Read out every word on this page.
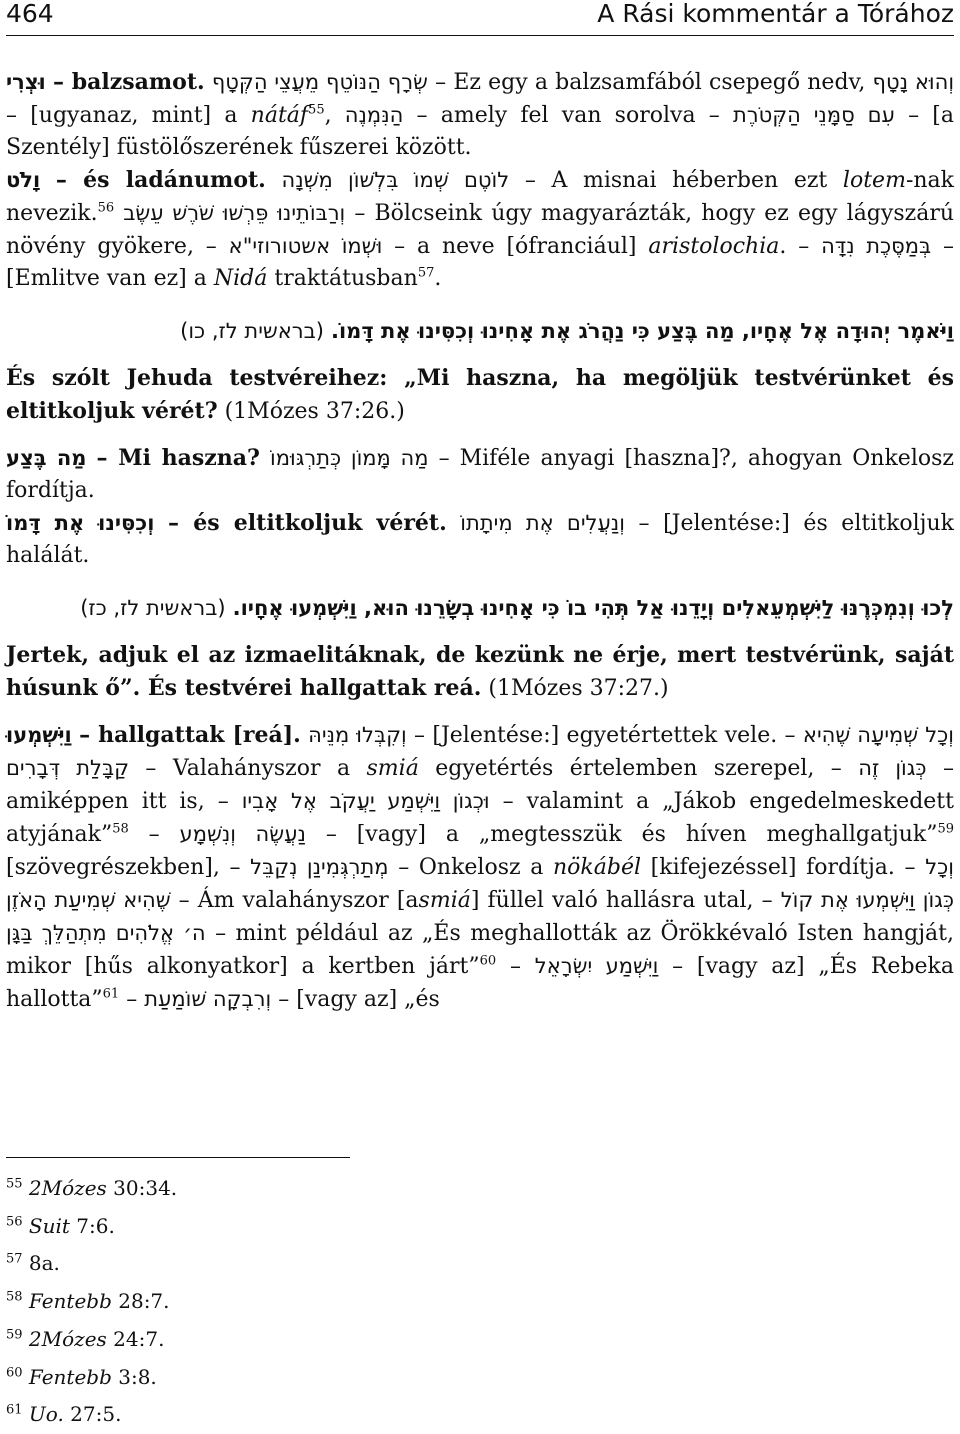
464	A Rási kommentár a Tórához

וּצְרִי – balzsamot. שְׂרָף הַנּוֹטֵף מֵעֲצֵי הַקְּטָף – Ez egy a balzsamfából csepegő nedv, וְהוּא נָטָף – [ugyanaz, mint] a nátáf$^{55}$, הַנִּמְנֶה – amely fel van sorolva – עִם סַמָּנֵי הַקְּטֹרֶת – [a Szentély] füstölőszerének fűszerei között.

וָלֹט – és ladánumot. לוֹטֶם שְׁמוֹ בִּלְשׁוֹן מִשְׁנָה – A misnai héberben ezt lotem-nak nevezik.$^{56}$ וְרַבּוֹתֵינוּ פֵּרְשׁוּ שֹׁרֶשׁ עֵשֶׂב – Bölcseink úgy magyarázták, hogy ez egy lágyszárú növény gyökere, – וּשְׁמוֹ אשטורוזי"א – a neve [ófranciául] aristolochia. – בְּמַסֶּכֶת נִדָּה – [Emlitve van ez] a Nidá traktátusban$^{57}$.

וַיֹּאמֶר יְהוּדָה אֶל אֶחָיו, מַה בֶּצַע כִּי נַהֲרֹג אֶת אָחִינוּ וְכִסִּינוּ אֶת דָּמוֹ. (בראשית לז, כו)

És szólt Jehuda testvéreihez: „Mi haszna, ha megöljük testvérünket és eltitkoljuk vérét? (1Mózes 37:26.)

מַה בֶּצַע – Mi haszna? מַה מָּמוֹן כְּתַרְגּוּמוֹ – Miféle anyagi [haszna]?, ahogyan Onkelosz fordítja.

וְכִסִּינוּ אֶת דָּמוֹ – és eltitkoljuk vérét. וְנַעֲלִים אֶת מִיתָתוֹ – [Jelentése:] és eltitkoljuk halálát.

לְכוּ וְנִמְכְּרֶנּוּ לַיִּשְׁמְעֵאלִים וְיָדֵנוּ אַל תְּהִי בוֹ כִּי אָחִינוּ בְשָׂרֵנוּ הוּא, וַיִּשְׁמְעוּ אֶחָיו. (בראשית לז, כז)

Jertek, adjuk el az izmaelitáknak, de kezünk ne érje, mert testvérünk, saját húsunk ő”. És testvérei hallgattak reá. (1Mózes 37:27.)

וַיִּשְׁמְעוּ – hallgattak [reá]. וְקִבְּלוּ מִנֵּיהּ – [Jelentése:] egyetértettek vele. – וְכָל שְׁמִיעָה שֶׁהִיא קַבָּלַת דְּבָרִים – Valahányszor a smiá egyetértés értelemben szerepel, – כְּגוֹן זֶה – amiképpen itt is, – וּכְגוֹן וַיִּשְׁמַע יַעֲקֹב אֶל אָבִיו – valamint a „Jákob engedelmeskedett atyjának”$^{58}$ – נַעֲשֶׂה וְנִשְׁמָע – [vagy] a „megtesszük és híven meghallgatjuk”$^{59}$ [szövegrészekben], – מְתַרְגְּמִינַן נְקַבֵּל – Onkelosz a nökábél [kifejezéssel] fordítja. – וְכָל שֶׁהִיא שְׁמִיעַת הָאֹזֶן – Ám valahányszor [asmiá] füllel való hallásra utal, – כְּגוֹן וַיִּשְׁמְעוּ אֶת קוֹל ה׳ אֱלֹהִים מִתְהַלֵּךְ בַּגָּן – mint például az „És meghallották az Örökkévaló Isten hangját, mikor [hűs alkonyatkor] a kertben járt”$^{60}$ – וַיִּשְׁמַע יִשְׂרָאֵל – [vagy az] „És Rebeka hallotta”$^{61}$ – וְרִבְקָה שׁוֹמַעַת – [vagy az] „és

$^{55}$ 2Mózes 30:34.
$^{56}$ Suit 7:6.
$^{57}$ 8a.
$^{58}$ Fentebb 28:7.
$^{59}$ 2Mózes 24:7.
$^{60}$ Fentebb 3:8.
$^{61}$ Uo. 27:5.
